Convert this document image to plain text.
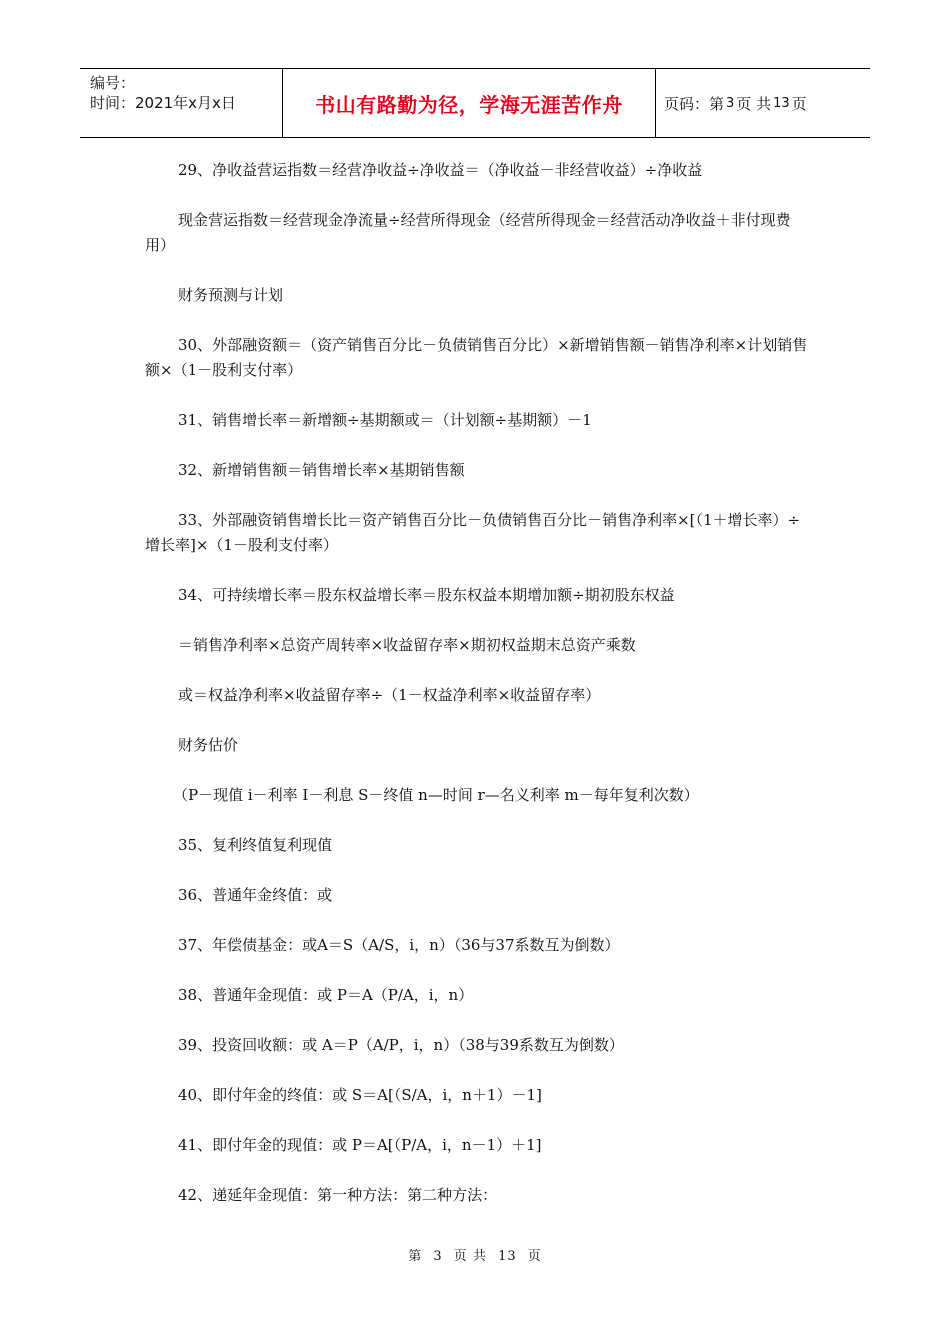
编号：
时间：2021年x月x日	书山有路勤为径，学海无涯苦作舟	页码：第 3 页 共 13 页

29、净收益营运指数＝经营净收益÷净收益＝（净收益－非经营收益）÷净收益

现金营运指数＝经营现金净流量÷经营所得现金（经营所得现金＝经营活动净收益＋非付现费用）

财务预测与计划

30、外部融资额＝（资产销售百分比－负债销售百分比）×新增销售额－销售净利率×计划销售额×（1－股利支付率）

31、销售增长率＝新增额÷基期额或＝（计划额÷基期额）－1

32、新增销售额＝销售增长率×基期销售额

33、外部融资销售增长比＝资产销售百分比－负债销售百分比－销售净利率×[（1＋增长率）÷增长率]×（1－股利支付率）

34、可持续增长率＝股东权益增长率＝股东权益本期增加额÷期初股东权益

＝销售净利率×总资产周转率×收益留存率×期初权益期末总资产乘数

或＝权益净利率×收益留存率÷（1－权益净利率×收益留存率）

财务估价

（P－现值 i－利率 I－利息 S－终值 n—时间 r—名义利率 m－每年复利次数）

35、复利终值复利现值

36、普通年金终值：或

37、年偿债基金：或A＝S（A/S，i，n）（36与37系数互为倒数）

38、普通年金现值：或 P＝A（P/A，i，n）

39、投资回收额：或 A＝P（A/P，i，n）（38与39系数互为倒数）

40、即付年金的终值：或 S＝A[（S/A，i，n＋1）－1]

41、即付年金的现值：或 P＝A[（P/A，i，n－1）＋1]

42、递延年金现值：第一种方法：第二种方法：

第 3 页 共 13 页
